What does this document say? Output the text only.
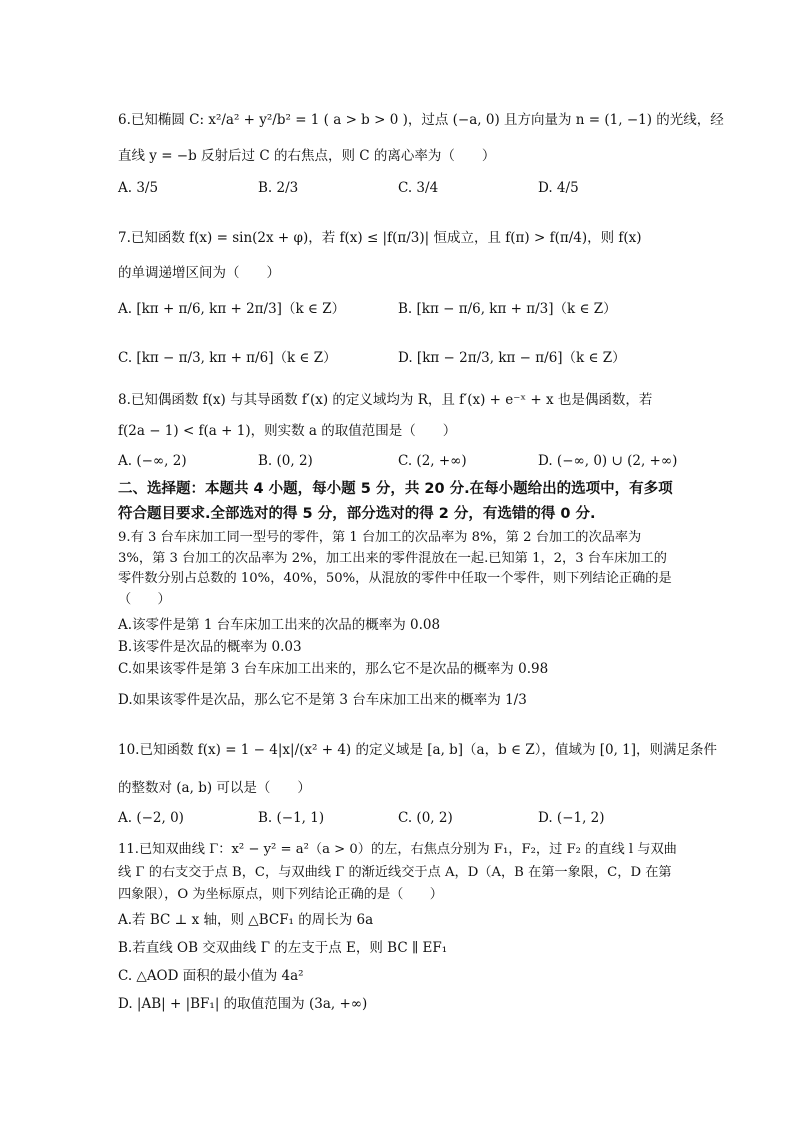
6.已知椭圆 C: x²/a² + y²/b² = 1 ( a > b > 0 )，过点 (−a, 0) 且方向量为 n = (1, −1) 的光线，经
直线 y = −b 反射后过 C 的右焦点，则 C 的离心率为（　　）
A. 3/5	B. 2/3	C. 3/4	D. 4/5
7.已知函数 f(x) = sin(2x + φ)，若 f(x) ≤ |f(π/3)| 恒成立，且 f(π) > f(π/4)，则 f(x)
的单调递增区间为（　　）
A. [kπ + π/6, kπ + 2π/3]（k ∈ Z）	B. [kπ − π/6, kπ + π/3]（k ∈ Z）
C. [kπ − π/3, kπ + π/6]（k ∈ Z）	D. [kπ − 2π/3, kπ − π/6]（k ∈ Z）
8.已知偶函数 f(x) 与其导函数 f′(x) 的定义域均为 R，且 f′(x) + e⁻ˣ + x 也是偶函数，若
f(2a − 1) < f(a + 1)，则实数 a 的取值范围是（　　）
A. (−∞, 2)	B. (0, 2)	C. (2, +∞)	D. (−∞, 0) ∪ (2, +∞)
二、选择题：本题共 4 小题，每小题 5 分，共 20 分.在每小题给出的选项中，有多项符合题目要求.全部选对的得 5 分，部分选对的得 2 分，有选错的得 0 分.
9.有 3 台车床加工同一型号的零件，第 1 台加工的次品率为 8%，第 2 台加工的次品率为 3%，第 3 台加工的次品率为 2%，加工出来的零件混放在一起.已知第 1，2，3 台车床加工的零件数分别占总数的 10%，40%，50%，从混放的零件中任取一个零件，则下列结论正确的是（　　）
A.该零件是第 1 台车床加工出来的次品的概率为 0.08
B.该零件是次品的概率为 0.03
C.如果该零件是第 3 台车床加工出来的，那么它不是次品的概率为 0.98
D.如果该零件是次品，那么它不是第 3 台车床加工出来的概率为 1/3
10.已知函数 f(x) = 1 − 4|x|/(x² + 4) 的定义域是 [a, b]（a，b ∈ Z），值域为 [0, 1]，则满足条件
的整数对 (a, b) 可以是（　　）
A. (−2, 0)	B. (−1, 1)	C. (0, 2)	D. (−1, 2)
11.已知双曲线 Γ：x² − y² = a²（a > 0）的左，右焦点分别为 F₁，F₂，过 F₂ 的直线 l 与双曲线 Γ 的右支交于点 B，C，与双曲线 Γ 的渐近线交于点 A，D（A，B 在第一象限，C，D 在第四象限），O 为坐标原点，则下列结论正确的是（　　）
A.若 BC ⊥ x 轴，则 △BCF₁ 的周长为 6a
B.若直线 OB 交双曲线 Γ 的左支于点 E，则 BC ∥ EF₁
C. △AOD 面积的最小值为 4a²
D. |AB| + |BF₁| 的取值范围为 (3a, +∞)
